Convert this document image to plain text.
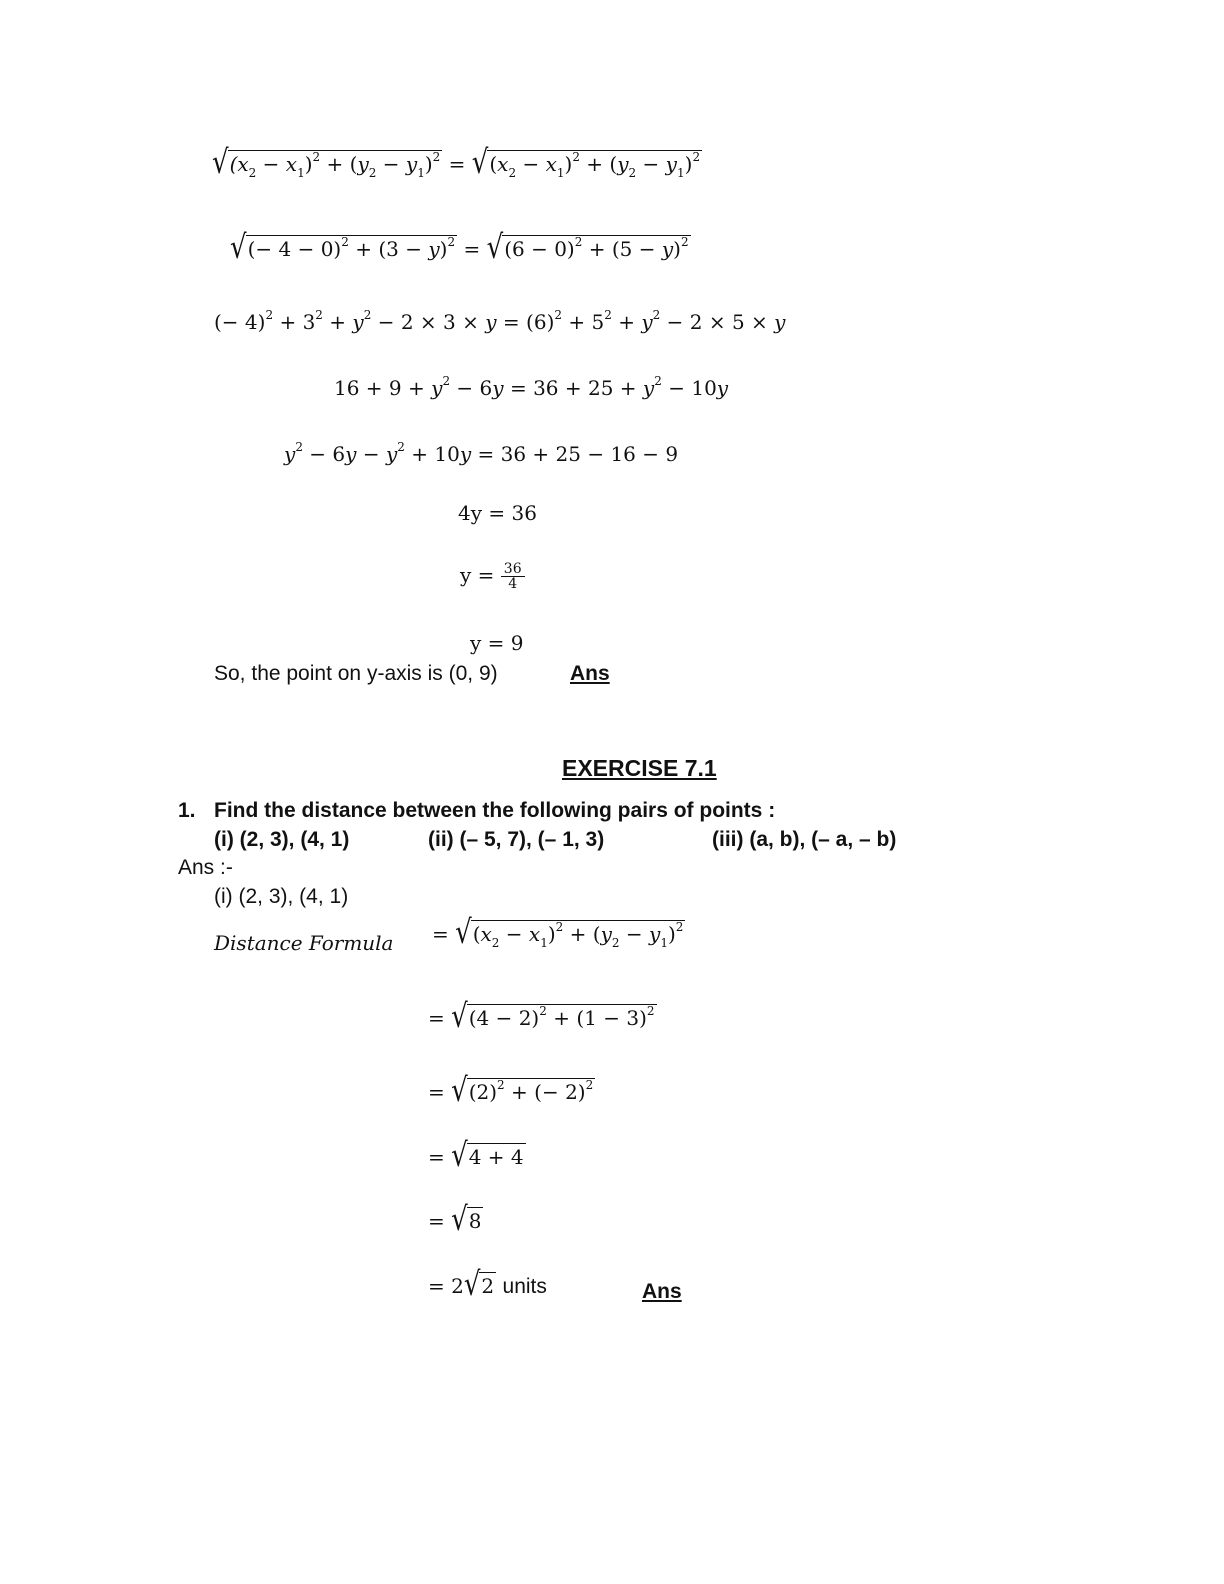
$√(x_2 - x_1)^2 + (y_2 - y_1)^2 = √(x_2 - x_1)^2 + (y_2 - y_1)^2$
√(− $4 - 0)^2 + (3 - y)^2 = √(6 - 0)^2 + (5 - y)^2$
(− $4)^2 + 3^2 + y^2 - 2 \times 3 \times y = (6)^2 + 5^2 + y^2 - 2 \times 5 \times y$
$16 + 9 + y^2 - 6y = 36 + 25 + y^2 - 10y$
$y^2 - 6y - y^2 + 10y = 36 + 25 - 16 - 9$
4y = 36
$y = \frac{36}{4}$
y = 9
So, the point on y-axis is (0, 9)	Ans
EXERCISE 7.1
1. Find the distance between the following pairs of points :
(i) (2, 3), (4, 1)	(ii) (– 5, 7), (– 1, 3)	(iii) (a, b), (– a, – b)
Ans :-
(i) (2, 3), (4, 1)
Distance Formula = $√(x_2 - x_1)^2 + (y_2 - y_1)^2$
= $√(4 - 2)^2 + (1 - 3)^2$
= $√(2)^2$ + (− 2)$^2$
= √4 + 4
= √8
= 2√2 units	Ans
